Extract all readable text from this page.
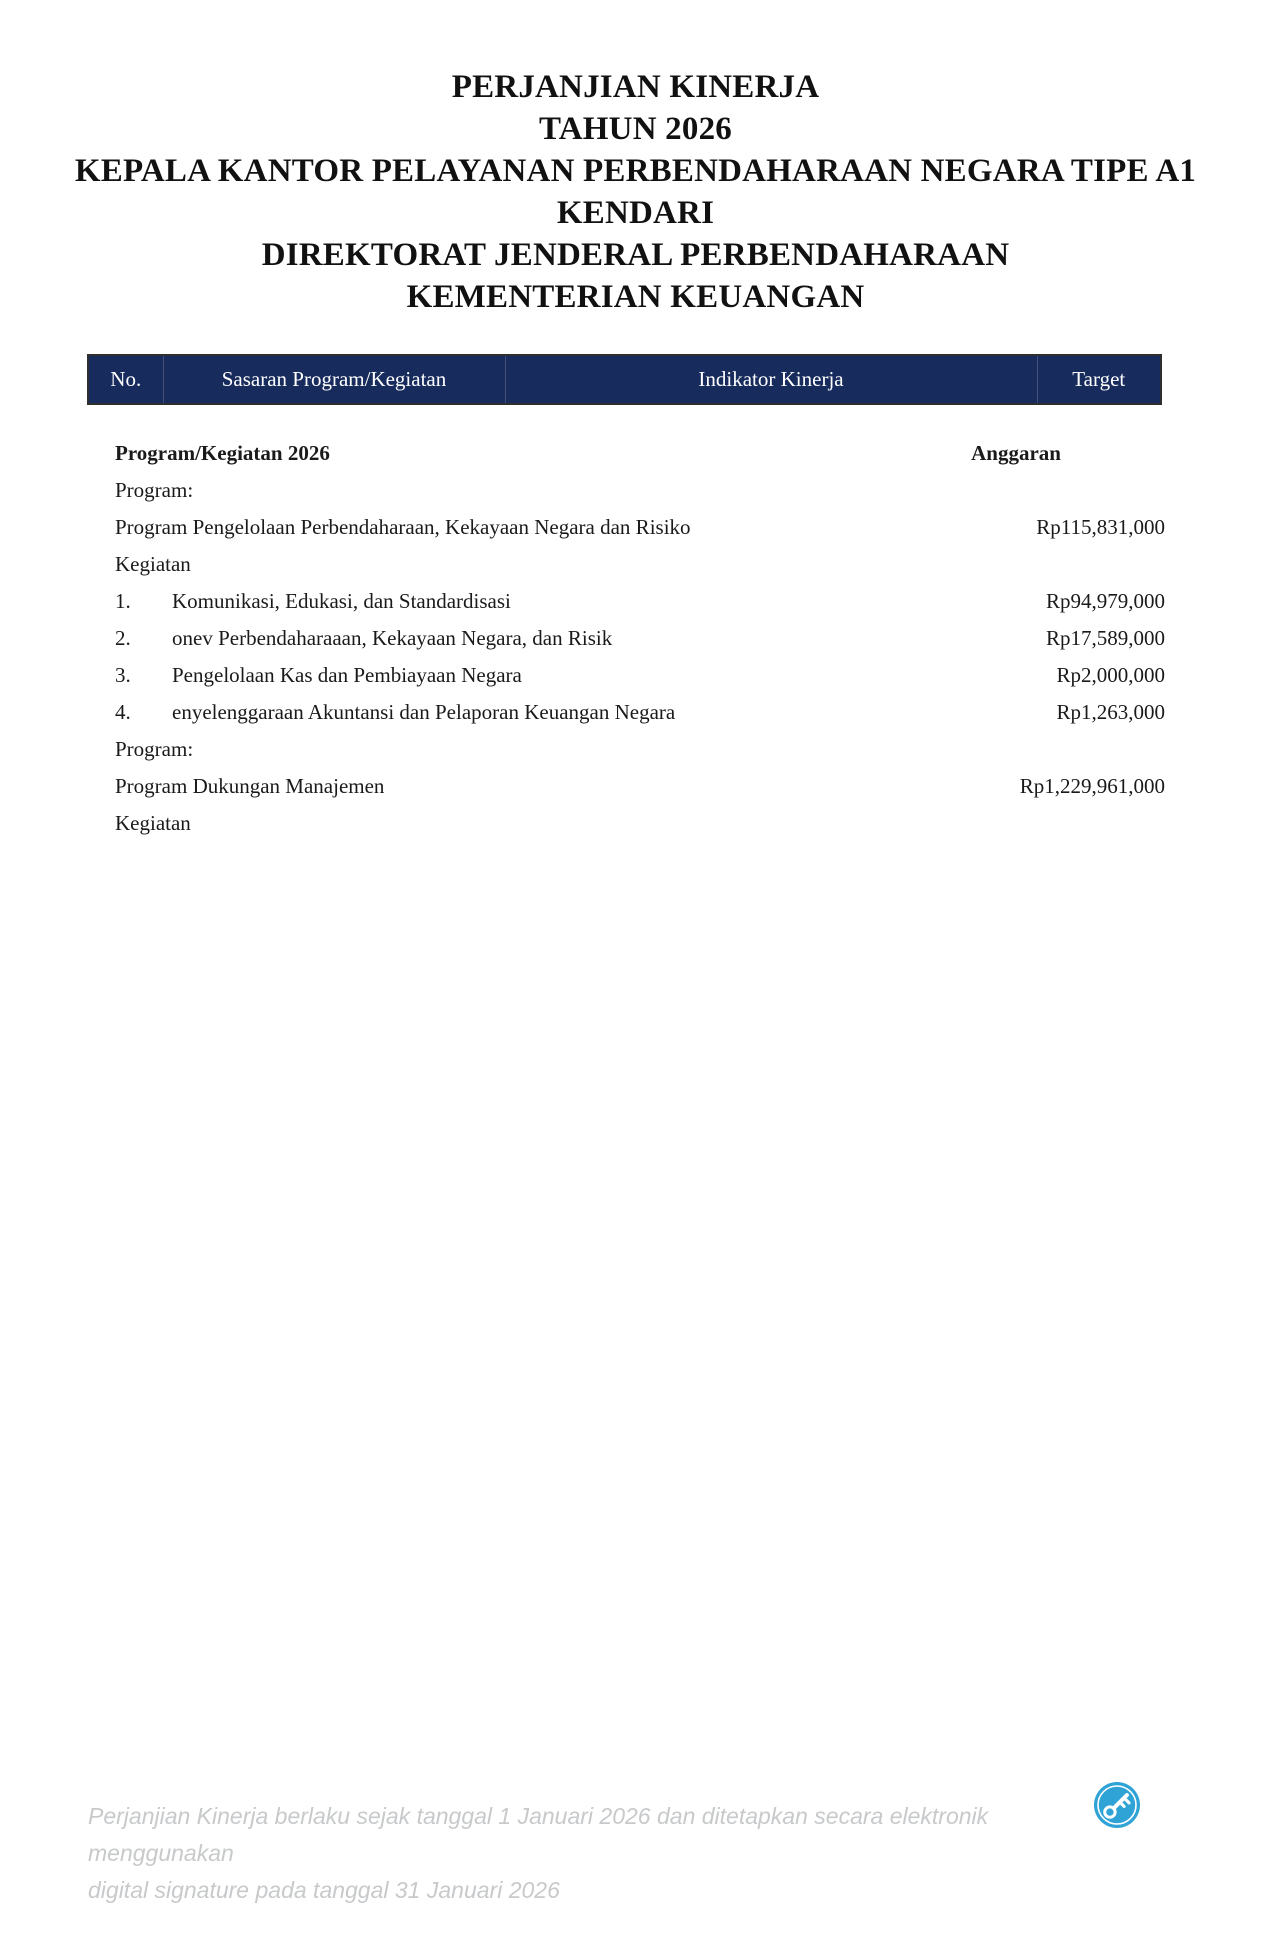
PERJANJIAN KINERJA
TAHUN 2026
KEPALA KANTOR PELAYANAN PERBENDAHARAAN NEGARA TIPE A1
KENDARI
DIREKTORAT JENDERAL PERBENDAHARAAN
KEMENTERIAN KEUANGAN
No.	Sasaran Program/Kegiatan	Indikator Kinerja	Target
Program/Kegiatan 2026	Anggaran
Program:
Program Pengelolaan Perbendaharaan, Kekayaan Negara dan Risiko	Rp115,831,000
Kegiatan
1.	Komunikasi, Edukasi, dan Standardisasi	Rp94,979,000
2.	onev Perbendaharaaan, Kekayaan Negara, dan Risik	Rp17,589,000
3.	Pengelolaan Kas dan Pembiayaan Negara	Rp2,000,000
4.	enyelenggaraan Akuntansi dan Pelaporan Keuangan Negara	Rp1,263,000
Program:
Program Dukungan Manajemen	Rp1,229,961,000
Kegiatan
Perjanjian Kinerja berlaku sejak tanggal 1 Januari 2026 dan ditetapkan secara elektronik menggunakan
digital signature pada tanggal 31 Januari 2026
